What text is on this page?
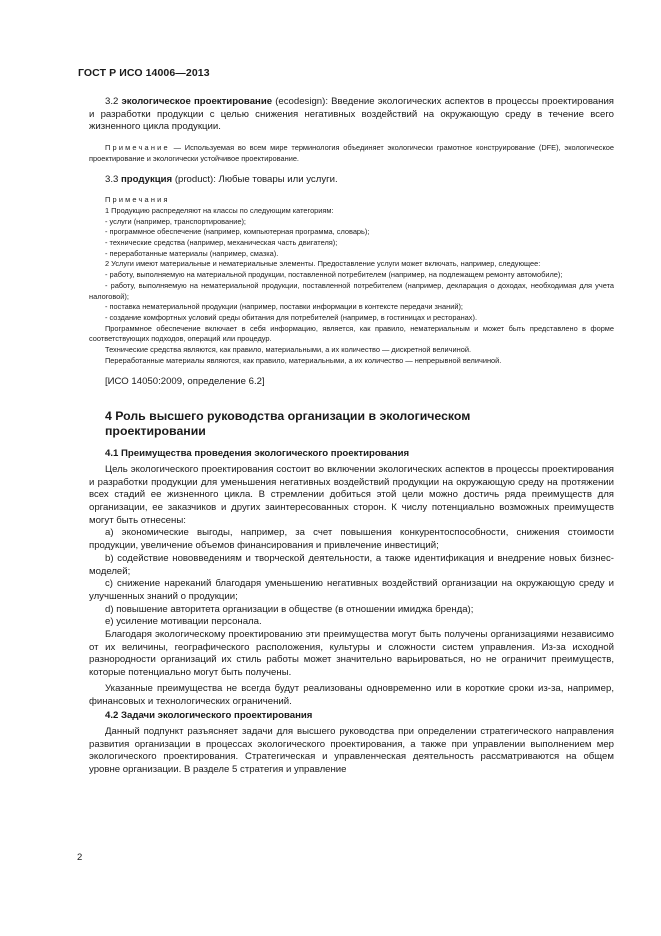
ГОСТ Р ИСО 14006—2013

3.2 экологическое проектирование (ecodesign): Введение экологических аспектов в процессы проектирования и разработки продукции с целью снижения негативных воздействий на окружающую среду в течение всего жизненного цикла продукции.

Примечание — Используемая во всем мире терминология объединяет экологически грамотное конструирование (DFE), экологическое проектирование и экологически устойчивое проектирование.

3.3 продукция (product): Любые товары или услуги.

Примечания

1 Продукцию распределяют на классы по следующим категориям:

- услуги (например, транспортирование);

- программное обеспечение (например, компьютерная программа, словарь);

- технические средства (например, механическая часть двигателя);

- переработанные материалы (например, смазка).

2 Услуги имеют материальные и нематериальные элементы. Предоставление услуги может включать, например, следующее:

- работу, выполняемую на материальной продукции, поставленной потребителем (например, на подлежащем ремонту автомобиле);

- работу, выполняемую на нематериальной продукции, поставленной потребителем (например, декларация о доходах, необходимая для учета налоговой);

- поставка нематериальной продукции (например, поставки информации в контексте передачи знаний);

- создание комфортных условий среды обитания для потребителей (например, в гостиницах и ресторанах).

Программное обеспечение включает в себя информацию, является, как правило, нематериальным и может быть представлено в форме соответствующих подходов, операций или процедур.

Технические средства являются, как правило, материальными, а их количество — дискретной величиной.

Переработанные материалы являются, как правило, материальными, а их количество — непрерывной величиной.

[ИСО 14050:2009, определение 6.2]

4 Роль высшего руководства организации в экологическом

проектировании

4.1 Преимущества проведения экологического проектирования

Цель экологического проектирования состоит во включении экологических аспектов в процессы проектирования и разработки продукции для уменьшения негативных воздействий продукции на окружающую среду на протяжении всех стадий ее жизненного цикла. В стремлении добиться этой цели можно достичь ряда преимуществ для организации, ее заказчиков и других заинтересованных сторон. К числу потенциально возможных преимуществ могут быть отнесены:

a) экономические выгоды, например, за счет повышения конкурентоспособности, снижения стоимости продукции, увеличение объемов финансирования и привлечение инвестиций;

b) содействие нововведениям и творческой деятельности, а также идентификация и внедрение новых бизнес-моделей;

c) снижение нареканий благодаря уменьшению негативных воздействий организации на окружающую среду и улучшенных знаний о продукции;

d) повышение авторитета организации в обществе (в отношении имиджа бренда);

e) усиление мотивации персонала.

Благодаря экологическому проектированию эти преимущества могут быть получены организациями независимо от их величины, географического расположения, культуры и сложности систем управления. Из-за исходной разнородности организаций их стиль работы может значительно варьироваться, но не ограничит преимуществ, которые потенциально могут быть получены.

Указанные преимущества не всегда будут реализованы одновременно или в короткие сроки из-за, например, финансовых и технологических ограничений.

4.2 Задачи экологического проектирования

Данный подпункт разъясняет задачи для высшего руководства при определении стратегического направления развития организации в процессах экологического проектирования, а также при управлении выполнением мер экологического проектирования. Стратегическая и управленческая деятельность рассматриваются на общем уровне организации. В разделе 5 стратегия и управление

2
